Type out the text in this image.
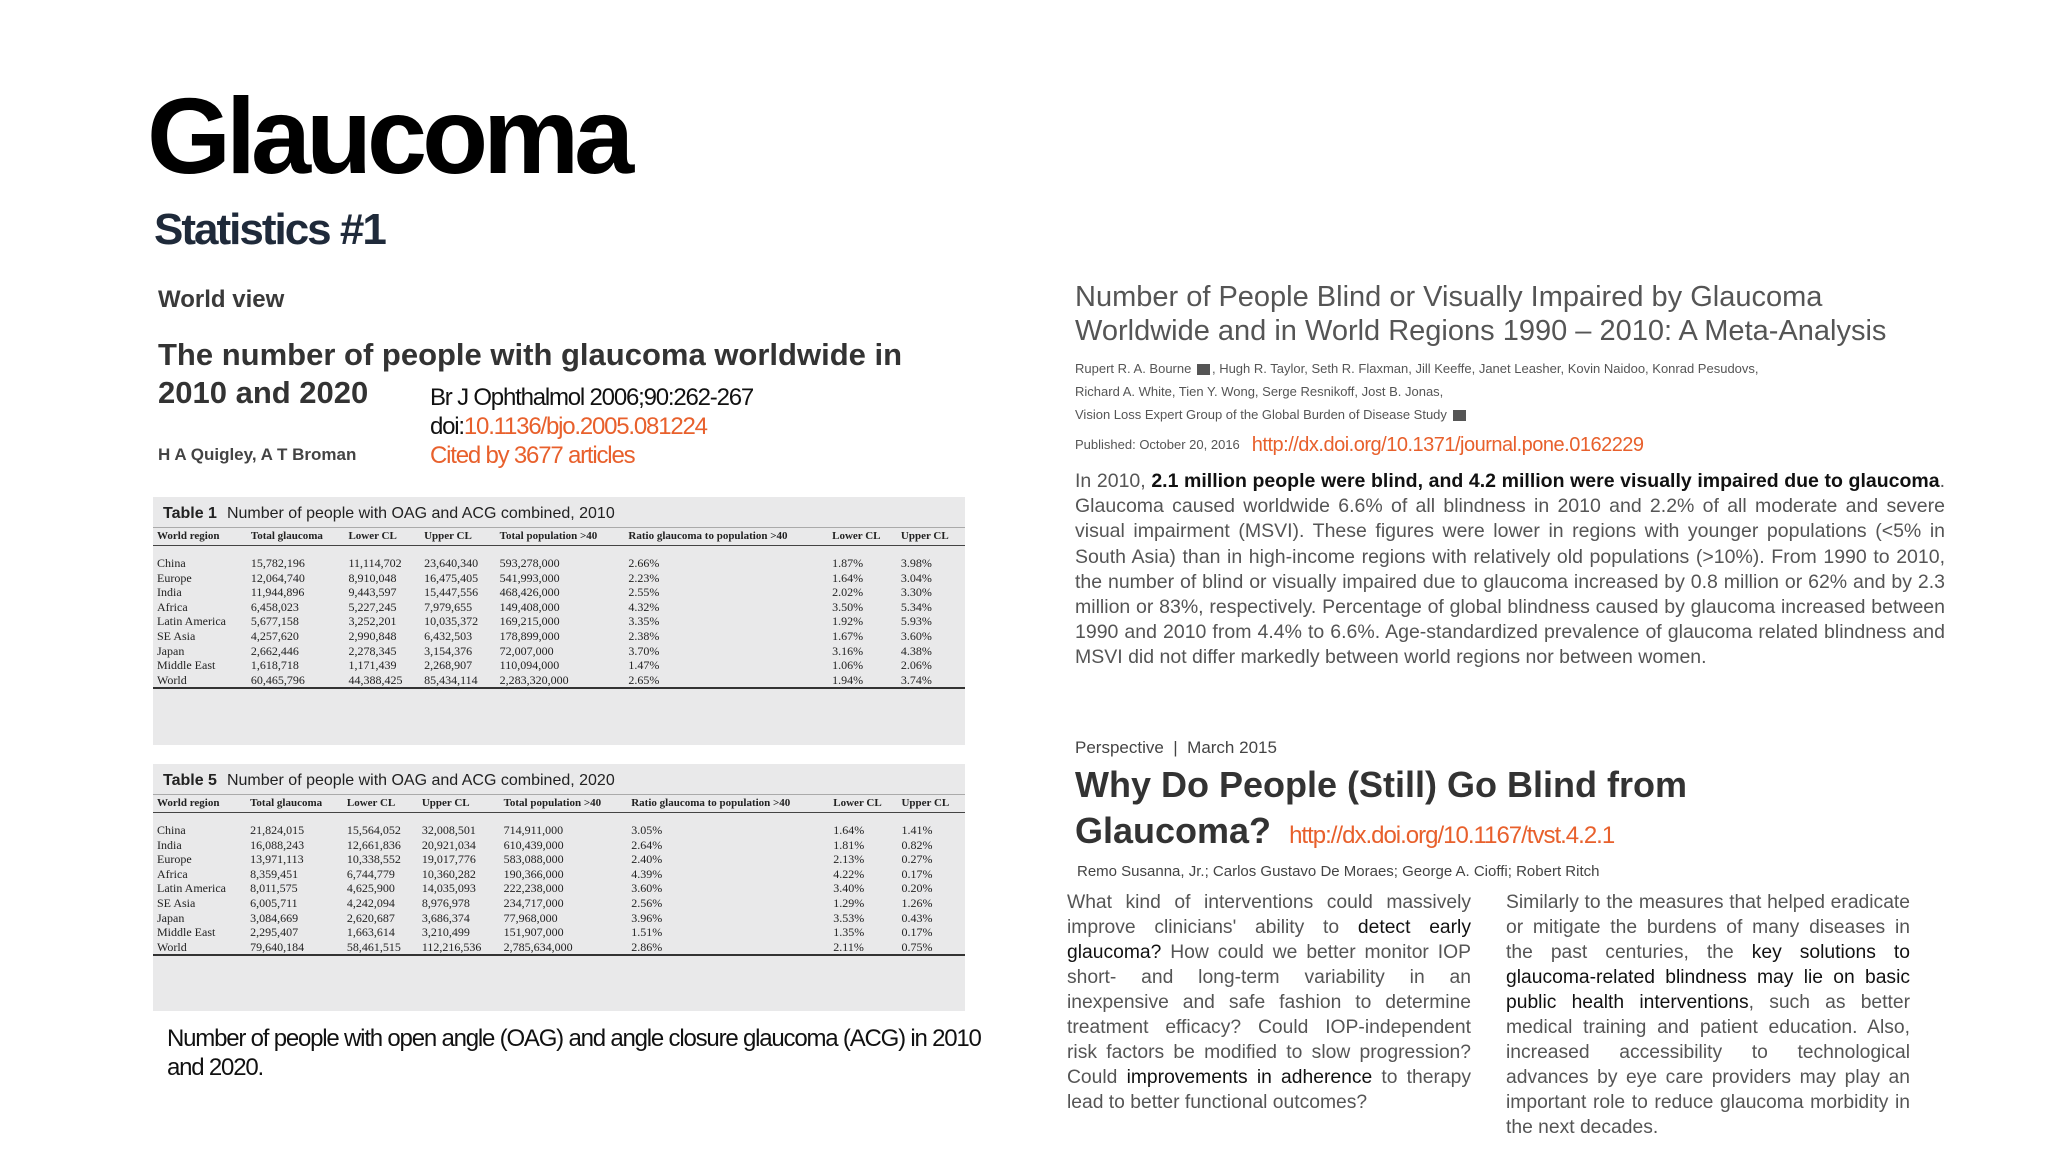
Glaucoma
Statistics #1
World view
The number of people with glaucoma worldwide in 2010 and 2020
H A Quigley, A T Broman
Br J Ophthalmol 2006;90:262-267
doi:10.1136/bjo.2005.081224
Cited by 3677 articles
Table 1 Number of people with OAG and ACG combined, 2010
World region	Total glaucoma	Lower CL	Upper CL	Total population >40	Ratio glaucoma to population >40	Lower CL	Upper CL
China	15,782,196	11,114,702	23,640,340	593,278,000	2.66%	1.87%	3.98%
Europe	12,064,740	8,910,048	16,475,405	541,993,000	2.23%	1.64%	3.04%
India	11,944,896	9,443,597	15,447,556	468,426,000	2.55%	2.02%	3.30%
Africa	6,458,023	5,227,245	7,979,655	149,408,000	4.32%	3.50%	5.34%
Latin America	5,677,158	3,252,201	10,035,372	169,215,000	3.35%	1.92%	5.93%
SE Asia	4,257,620	2,990,848	6,432,503	178,899,000	2.38%	1.67%	3.60%
Japan	2,662,446	2,278,345	3,154,376	72,007,000	3.70%	3.16%	4.38%
Middle East	1,618,718	1,171,439	2,268,907	110,094,000	1.47%	1.06%	2.06%
World	60,465,796	44,388,425	85,434,114	2,283,320,000	2.65%	1.94%	3.74%
Table 5 Number of people with OAG and ACG combined, 2020
World region	Total glaucoma	Lower CL	Upper CL	Total population >40	Ratio glaucoma to population >40	Lower CL	Upper CL
China	21,824,015	15,564,052	32,008,501	714,911,000	3.05%	1.64%	1.41%
India	16,088,243	12,661,836	20,921,034	610,439,000	2.64%	1.81%	0.82%
Europe	13,971,113	10,338,552	19,017,776	583,088,000	2.40%	2.13%	0.27%
Africa	8,359,451	6,744,779	10,360,282	190,366,000	4.39%	4.22%	0.17%
Latin America	8,011,575	4,625,900	14,035,093	222,238,000	3.60%	3.40%	0.20%
SE Asia	6,005,711	4,242,094	8,976,978	234,717,000	2.56%	1.29%	1.26%
Japan	3,084,669	2,620,687	3,686,374	77,968,000	3.96%	3.53%	0.43%
Middle East	2,295,407	1,663,614	3,210,499	151,907,000	1.51%	1.35%	0.17%
World	79,640,184	58,461,515	112,216,536	2,785,634,000	2.86%	2.11%	0.75%
Number of people with open angle (OAG) and angle closure glaucoma (ACG) in 2010 and 2020.
Number of People Blind or Visually Impaired by Glaucoma Worldwide and in World Regions 1990 – 2010: A Meta-Analysis
Rupert R. A. Bourne , Hugh R. Taylor, Seth R. Flaxman, Jill Keeffe, Janet Leasher, Kovin Naidoo, Konrad Pesudovs,
Richard A. White, Tien Y. Wong, Serge Resnikoff, Jost B. Jonas,
Vision Loss Expert Group of the Global Burden of Disease Study
Published: October 20, 2016 http://dx.doi.org/10.1371/journal.pone.0162229
In 2010, 2.1 million people were blind, and 4.2 million were visually impaired due to glaucoma. Glaucoma caused worldwide 6.6% of all blindness in 2010 and 2.2% of all moderate and severe visual impairment (MSVI). These figures were lower in regions with younger populations (<5% in South Asia) than in high-income regions with relatively old populations (>10%). From 1990 to 2010, the number of blind or visually impaired due to glaucoma increased by 0.8 million or 62% and by 2.3 million or 83%, respectively. Percentage of global blindness caused by glaucoma increased between 1990 and 2010 from 4.4% to 6.6%. Age-standardized prevalence of glaucoma related blindness and MSVI did not differ markedly between world regions nor between women.
Perspective | March 2015
Why Do People (Still) Go Blind from
Glaucoma? http://dx.doi.org/10.1167/tvst.4.2.1
Remo Susanna, Jr.; Carlos Gustavo De Moraes; George A. Cioffi; Robert Ritch
What kind of interventions could massively improve clinicians' ability to detect early glaucoma? How could we better monitor IOP short- and long-term variability in an inexpensive and safe fashion to determine treatment efficacy? Could IOP-independent risk factors be modified to slow progression? Could improvements in adherence to therapy lead to better functional outcomes?
Similarly to the measures that helped eradicate or mitigate the burdens of many diseases in the past centuries, the key solutions to glaucoma-related blindness may lie on basic public health interventions, such as better medical training and patient education. Also, increased accessibility to technological advances by eye care providers may play an important role to reduce glaucoma morbidity in the next decades.
